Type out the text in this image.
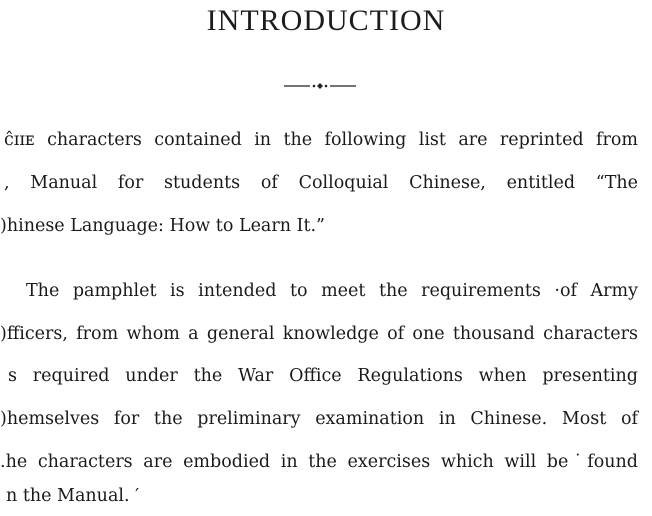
INTRODUCTION
ĉɪɪᴇ characters contained in the following list are reprinted from
, Manual for students of Colloquial Chinese, entitled “The
)hinese Language: How to Learn It.”
The pamphlet is intended to meet the requirements ·of Army
)fficers, from whom a general knowledge of one thousand characters
s required under the War Office Regulations when presenting
)hemselves for the preliminary examination in Chinese. Most of
.he characters are embodied in the exercises which will be˙found
n the Manual. ′
